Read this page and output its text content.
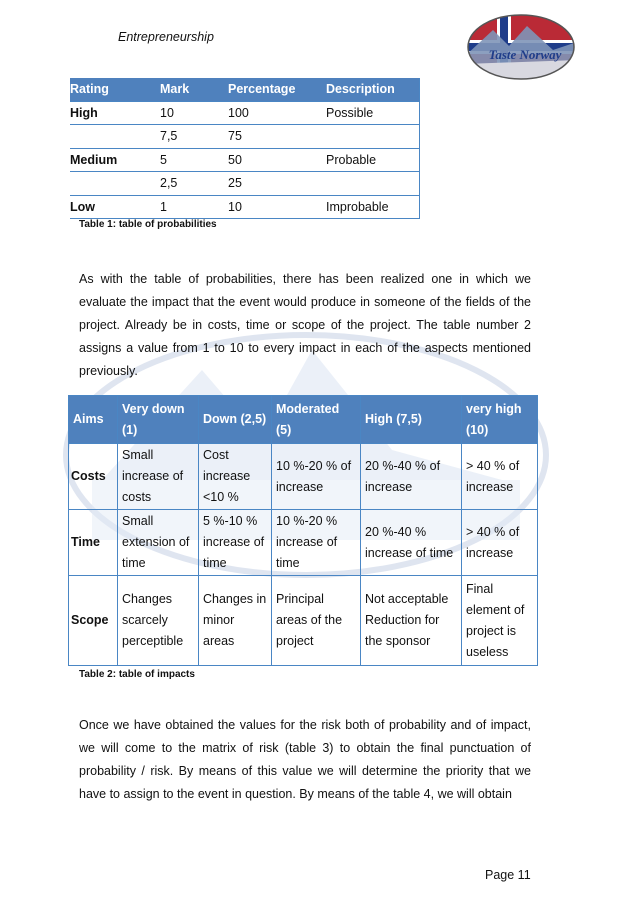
Entrepreneurship
Taste Norway
Rating	Mark	Percentage	Description
High	10	100	Possible
	7,5	75	
Medium	5	50	Probable
	2,5	25	
Low	1	10	Improbable
Table 1: table of probabilities
As with the table of probabilities, there has been realized one in which we evaluate the impact that the event would produce in someone of the fields of the project. Already be in costs, time or scope of the project. The table number 2 assigns a value from 1 to 10 to every impact in each of the aspects mentioned previously.
Aims	Very down (1)	Down (2,5)	Moderated (5)	High (7,5)	very high (10)
Costs	Small increase of costs	Cost increase <10 %	10 %-20 % of increase	20 %-40 % of increase	> 40 % of increase
Time	Small extension of time	5 %-10 % increase of time	10 %-20 % increase of time	20 %-40 % increase of time	> 40 % of increase
Scope	Changes scarcely perceptible	Changes in minor areas	Principal areas of the project	Not acceptable Reduction for the sponsor	Final element of project is useless
Table 2: table of impacts
Once we have obtained the values for the risk both of probability and of impact, we will come to the matrix of risk (table 3) to obtain the final punctuation of probability / risk. By means of this value we will determine the priority that we have to assign to the event in question. By means of the table 4, we will obtain
Page 11
